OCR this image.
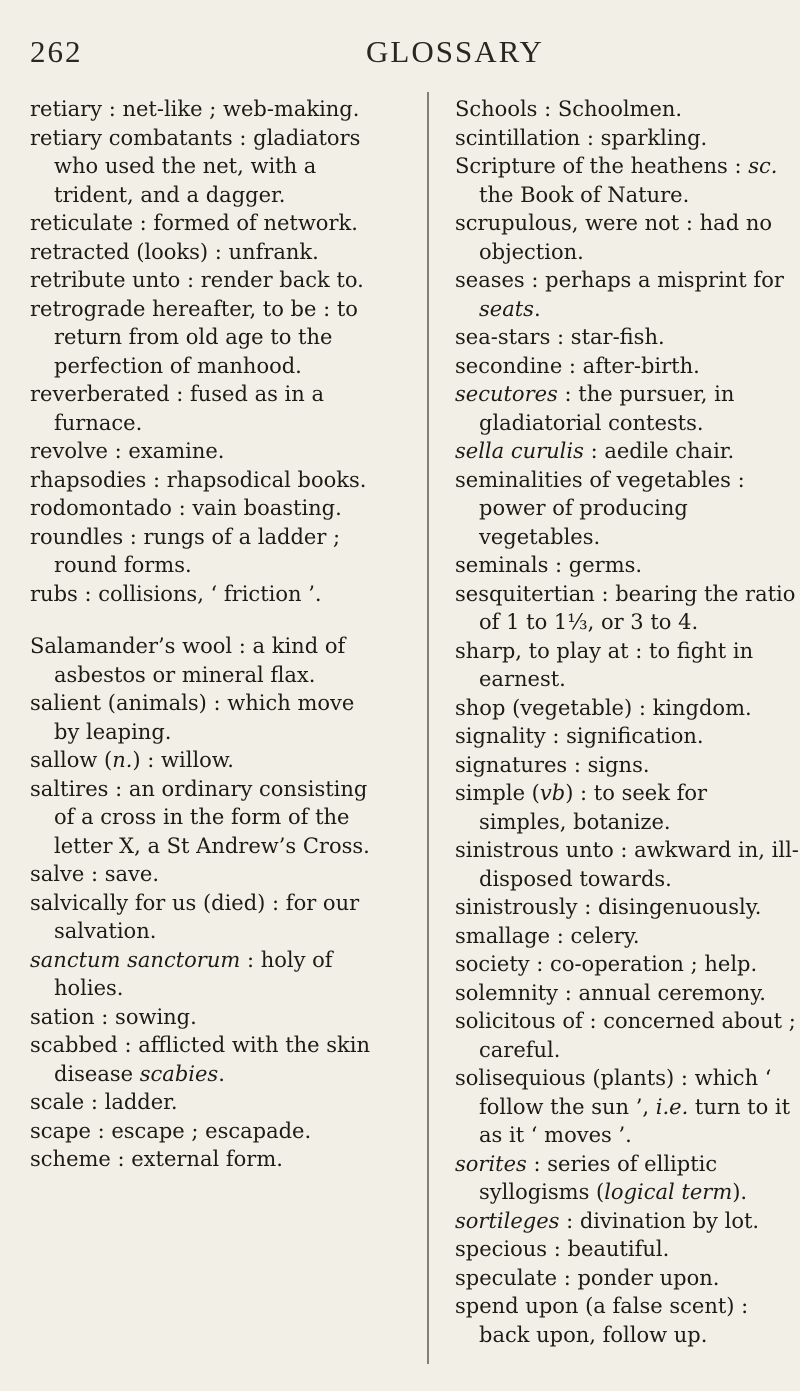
262	GLOSSARY
retiary : net-like ; web-making.
retiary combatants : gladiators who used the net, with a trident, and a dagger.
reticulate : formed of network.
retracted (looks) : unfrank.
retribute unto : render back to.
retrograde hereafter, to be : to return from old age to the perfection of manhood.
reverberated : fused as in a furnace.
revolve : examine.
rhapsodies : rhapsodical books.
rodomontado : vain boasting.
roundles : rungs of a ladder ; round forms.
rubs : collisions, ‘ friction ’.
Salamander’s wool : a kind of asbestos or mineral flax.
salient (animals) : which move by leaping.
sallow (n.) : willow.
saltires : an ordinary consisting of a cross in the form of the letter X, a St Andrew’s Cross.
salve : save.
salvically for us (died) : for our salvation.
sanctum sanctorum : holy of holies.
sation : sowing.
scabbed : afflicted with the skin disease scabies.
scale : ladder.
scape : escape ; escapade.
scheme : external form.
Schools : Schoolmen.
scintillation : sparkling.
Scripture of the heathens : sc. the Book of Nature.
scrupulous, were not : had no objection.
seases : perhaps a misprint for seats.
sea-stars : star-fish.
secondine : after-birth.
secutores : the pursuer, in gladiatorial contests.
sella curulis : aedile chair.
seminalities of vegetables : power of producing vegetables.
seminals : germs.
sesquitertian : bearing the ratio of 1 to 1⅓, or 3 to 4.
sharp, to play at : to fight in earnest.
shop (vegetable) : kingdom.
signality : signification.
signatures : signs.
simple (vb) : to seek for simples, botanize.
sinistrous unto : awkward in, ill-disposed towards.
sinistrously : disingenuously.
smallage : celery.
society : co-operation ; help.
solemnity : annual ceremony.
solicitous of : concerned about ; careful.
solisequious (plants) : which ‘ follow the sun ’, i.e. turn to it as it ‘ moves ’.
sorites : series of elliptic syllogisms (logical term).
sortileges : divination by lot.
specious : beautiful.
speculate : ponder upon.
spend upon (a false scent) : back upon, follow up.
